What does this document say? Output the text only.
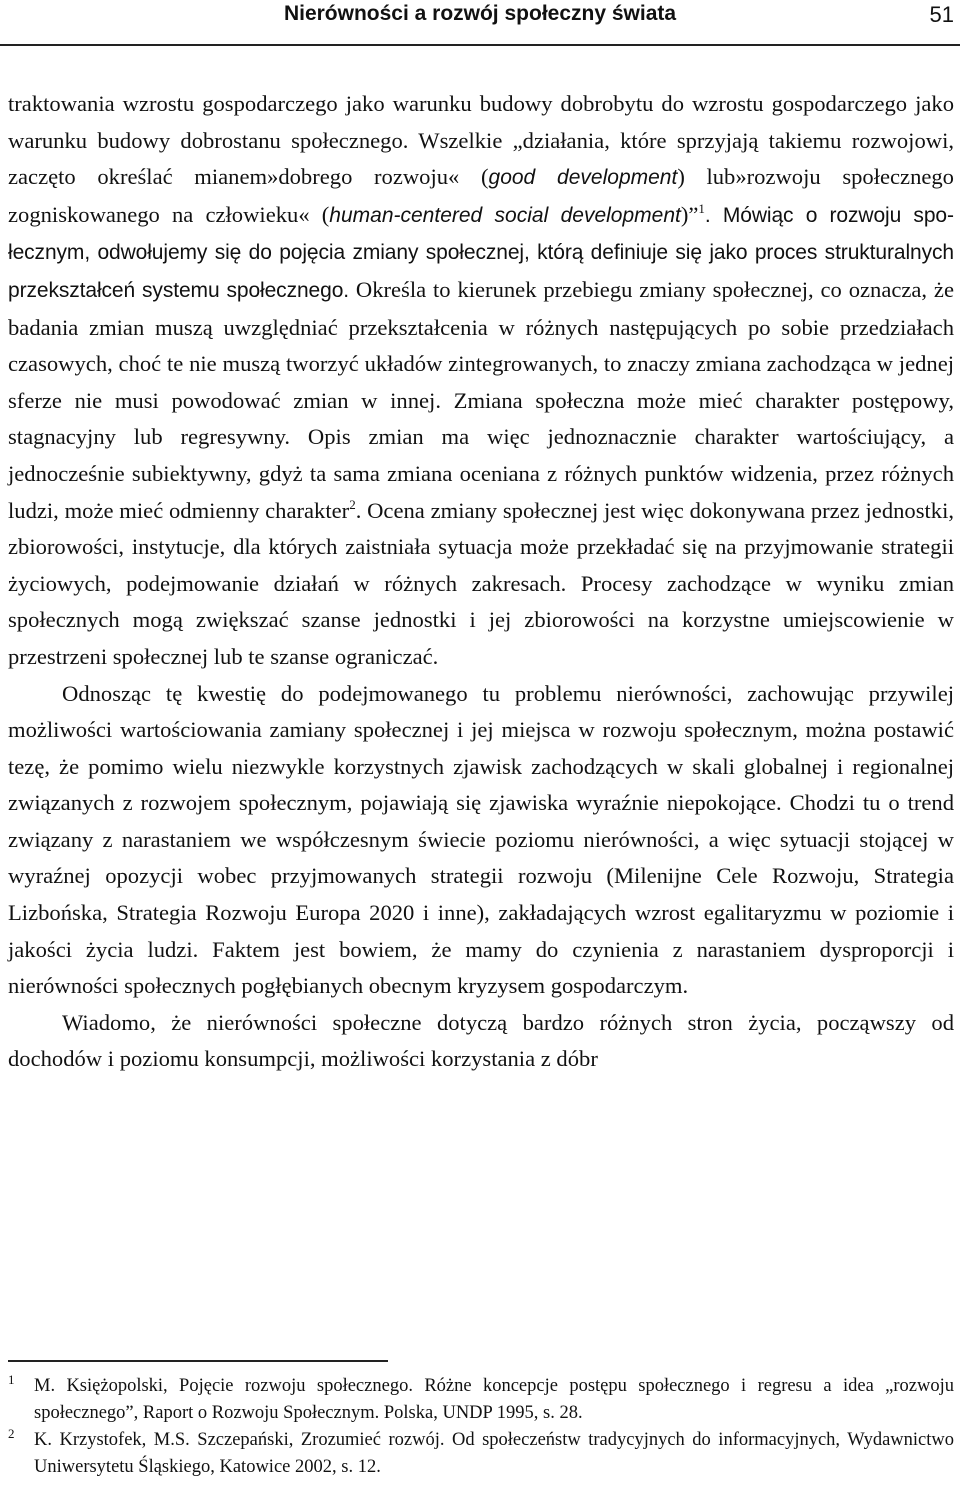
Nierówności a rozwój społeczny świata	51

traktowania wzrostu gospodarczego jako warunku budowy dobrobytu do wzrostu gospodarczego jako warunku budowy dobrostanu społecznego. Wszelkie „działania, które sprzyjają takiemu rozwojowi, zaczęto określać mianem»dobrego rozwoju« (good development) lub»rozwoju społecznego zogniskowanego na człowieku« (human-centered social development)”$^1$. Mówiąc o rozwoju społecznym, odwołujemy się do pojęcia zmiany społecznej, którą definiuje się jako proces strukturalnych przekształceń systemu społecznego. Określa to kierunek przebiegu zmiany społecznej, co oznacza, że badania zmian muszą uwzględniać przekształcenia w różnych następujących po sobie przedziałach czasowych, choć te nie muszą tworzyć układów zintegrowanych, to znaczy zmiana zachodząca w jednej sferze nie musi powodować zmian w innej. Zmiana społeczna może mieć charakter postępowy, stagnacyjny lub regresywny. Opis zmian ma więc jednoznacznie charakter wartościujący, a jednocześnie subiektywny, gdyż ta sama zmiana oceniana z różnych punktów widzenia, przez różnych ludzi, może mieć odmienny charakter$^2$. Ocena zmiany społecznej jest więc dokonywana przez jednostki, zbiorowości, instytucje, dla których zaistniała sytuacja może przekładać się na przyjmowanie strategii życiowych, podejmowanie działań w różnych zakresach. Procesy zachodzące w wyniku zmian społecznych mogą zwiększać szanse jednostki i jej zbiorowości na korzystne umiejscowienie w przestrzeni społecznej lub te szanse ograniczać.

Odnosząc tę kwestię do podejmowanego tu problemu nierówności, zachowując przywilej możliwości wartościowania zamiany społecznej i jej miejsca w rozwoju społecznym, można postawić tezę, że pomimo wielu niezwykle korzystnych zjawisk zachodzących w skali globalnej i regionalnej związanych z rozwojem społecznym, pojawiają się zjawiska wyraźnie niepokojące. Chodzi tu o trend związany z narastaniem we współczesnym świecie poziomu nierówności, a więc sytuacji stojącej w wyraźnej opozycji wobec przyjmowanych strategii rozwoju (Milenijne Cele Rozwoju, Strategia Lizbońska, Strategia Rozwoju Europa 2020 i inne), zakładających wzrost egalitaryzmu w poziomie i jakości życia ludzi. Faktem jest bowiem, że mamy do czynienia z narastaniem dysproporcji i nierówności społecznych pogłębianych obecnym kryzysem gospodarczym.

Wiadomo, że nierówności społeczne dotyczą bardzo różnych stron życia, począwszy od dochodów i poziomu konsumpcji, możliwości korzystania z dóbr

1 M. Księżopolski, Pojęcie rozwoju społecznego. Różne koncepcje postępu społecznego i regresu a idea „rozwoju społecznego”, Raport o Rozwoju Społecznym. Polska, UNDP 1995, s. 28.

2 K. Krzystofek, M.S. Szczepański, Zrozumieć rozwój. Od społeczeństw tradycyjnych do informacyjnych, Wydawnictwo Uniwersytetu Śląskiego, Katowice 2002, s. 12.
